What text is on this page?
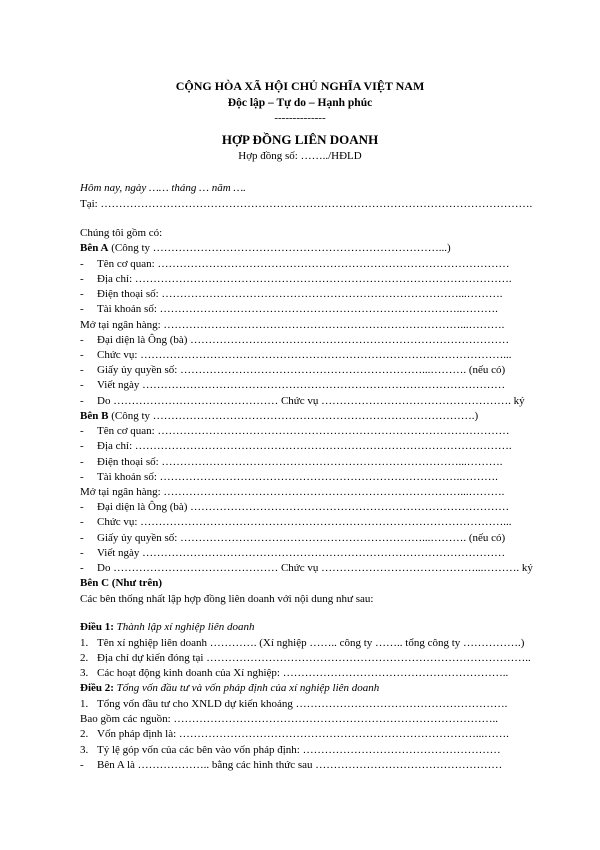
CỘNG HÒA XÃ HỘI CHỦ NGHĨA VIỆT NAM
Độc lập – Tự do – Hạnh phúc
--------------
HỢP ĐỒNG LIÊN DOANH
Hợp đồng số: ……../HĐLD
Hôm nay, ngày …… tháng … năm ….
Tại: ……………………………………………………………………………………………………….
Chúng tôi gồm có:
Bên A (Công ty ……………………………………………………………………...)
- Tên cơ quan: ……………………………………………………………………………………
- Địa chỉ: ………………………………………………………………………………………….
- Điện thoại số: ………………………………………………………………………...……….
- Tài khoản số: ………………………………………………………………………..……….
Mở tại ngân hàng: ………………………………………………………………………...……….
- Đại diện là Ông (bà) ……………………………………………………………………………
- Chức vụ: ………………………………………………………………………………………...
- Giấy ủy quyền số: …………………………………………………………...………. (nếu có)
- Viết ngày ………………………………………………………………………………………
- Do ……………………………………… Chức vụ ……………………………………………. ký
Bên B (Công ty …………………………………………………………………………….)
- Tên cơ quan: ……………………………………………………………………………………
- Địa chỉ: ………………………………………………………………………………………….
- Điện thoại số: ………………………………………………………………………...……….
- Tài khoản số: ………………………………………………………………………..……….
Mở tại ngân hàng: ………………………………………………………………………...……….
- Đại diện là Ông (bà) ……………………………………………………………………………
- Chức vụ: ………………………………………………………………………………………...
- Giấy ủy quyền số: …………………………………………………………...………. (nếu có)
- Viết ngày ………………………………………………………………………………………
- Do ……………………………………… Chức vụ ……………………………………...………. ký
Bên C (Như trên)
Các bên thống nhất lập hợp đồng liên doanh với nội dung như sau:
Điều 1: Thành lập xí nghiệp liên doanh
1. Tên xí nghiệp liên doanh …………. (Xí nghiệp …….. công ty …….. tổng công ty …………….)
2. Địa chỉ dự kiến đóng tại ……………………………………………………………………………..
3. Các hoạt động kinh doanh của Xí nghiệp: ……………………………………………………..
Điều 2: Tổng vốn đầu tư và vốn pháp định của xí nghiệp liên doanh
1. Tổng vốn đầu tư cho XNLD dự kiến khoảng ………………………………………………….
Bao gồm các nguồn: ……………………………………………………………………………..
2. Vốn pháp định là: ………………………………………………………………………...…….
3. Tỷ lệ góp vốn của các bên vào vốn pháp định: ………………………………………………
- Bên A là ……………….. bằng các hình thức sau ……………………………………………
